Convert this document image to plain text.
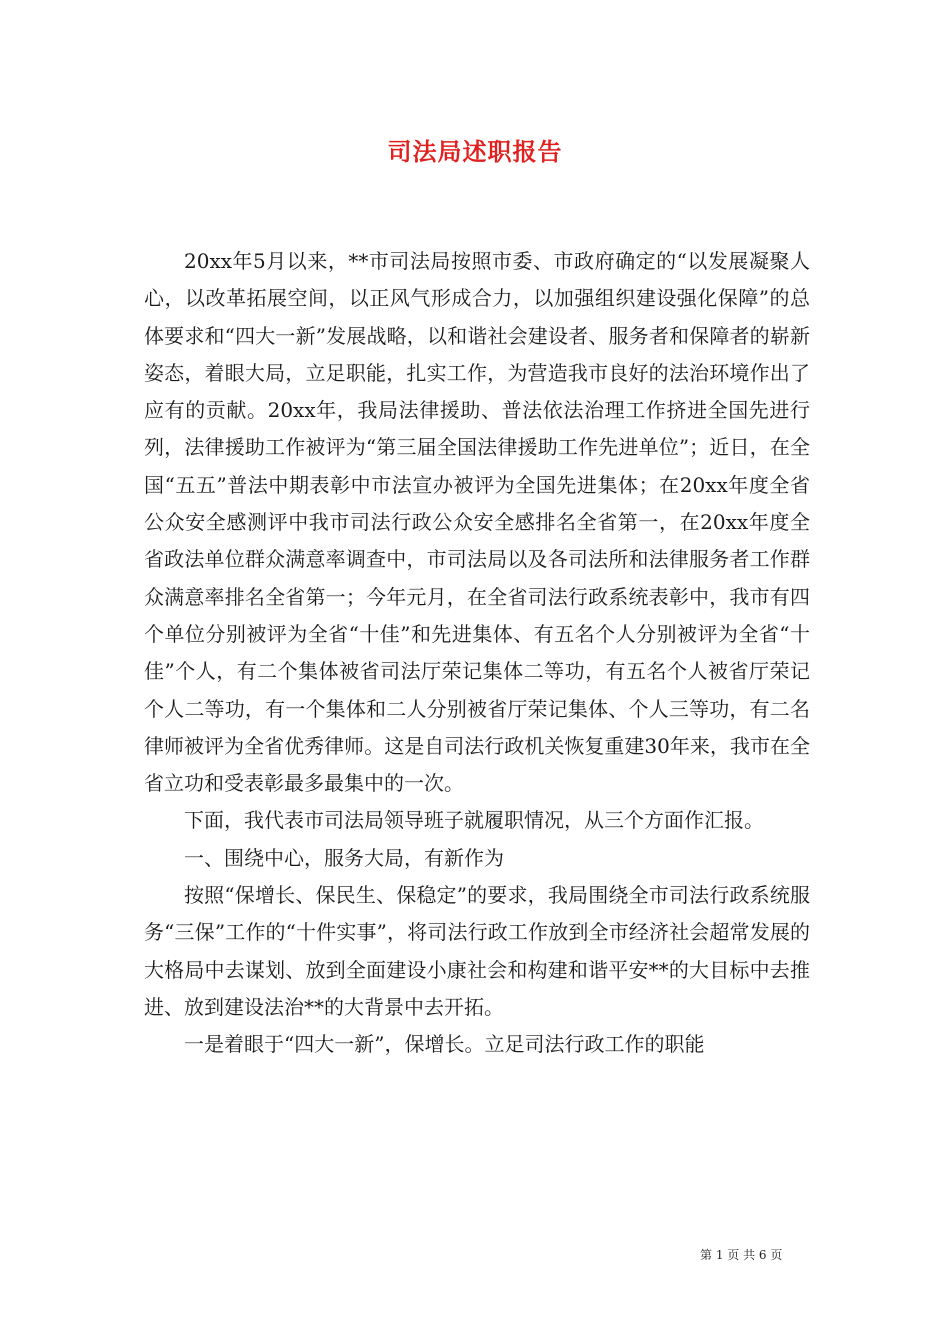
司法局述职报告

20xx年5月以来，**市司法局按照市委、市政府确定的“以发展凝聚人心，以改革拓展空间，以正风气形成合力，以加强组织建设强化保障”的总体要求和“四大一新”发展战略，以和谐社会建设者、服务者和保障者的崭新姿态，着眼大局，立足职能，扎实工作，为营造我市良好的法治环境作出了应有的贡献。20xx年，我局法律援助、普法依法治理工作挤进全国先进行列，法律援助工作被评为“第三届全国法律援助工作先进单位”；近日，在全国“五五”普法中期表彰中市法宣办被评为全国先进集体；在20xx年度全省公众安全感测评中我市司法行政公众安全感排名全省第一，在20xx年度全省政法单位群众满意率调查中，市司法局以及各司法所和法律服务者工作群众满意率排名全省第一；今年元月，在全省司法行政系统表彰中，我市有四个单位分别被评为全省“十佳”和先进集体、有五名个人分别被评为全省“十佳”个人，有二个集体被省司法厅荣记集体二等功，有五名个人被省厅荣记个人二等功，有一个集体和二人分别被省厅荣记集体、个人三等功，有二名律师被评为全省优秀律师。这是自司法行政机关恢复重建30年来，我市在全省立功和受表彰最多最集中的一次。

下面，我代表市司法局领导班子就履职情况，从三个方面作汇报。

一、围绕中心，服务大局，有新作为

按照“保增长、保民生、保稳定”的要求，我局围绕全市司法行政系统服务“三保”工作的“十件实事”，将司法行政工作放到全市经济社会超常发展的大格局中去谋划、放到全面建设小康社会和构建和谐平安**的大目标中去推进、放到建设法治**的大背景中去开拓。

一是着眼于“四大一新”，保增长。立足司法行政工作的职能

第 1 页 共 6 页
